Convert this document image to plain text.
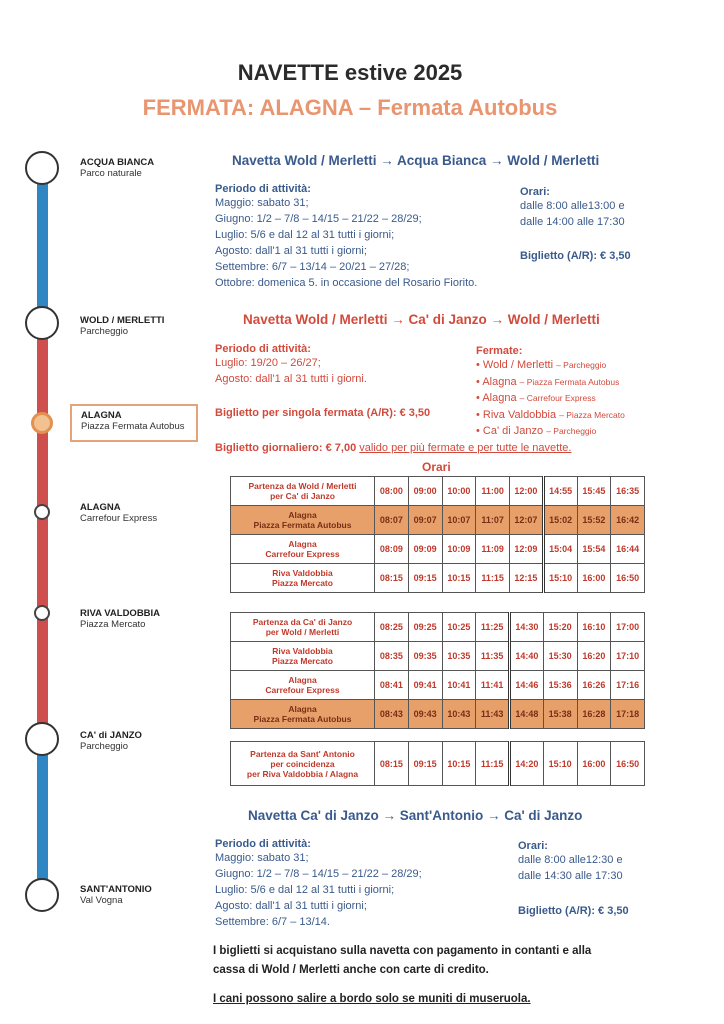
NAVETTE estive 2025
FERMATA: ALAGNA – Fermata Autobus
ACQUA BIANCA
Parco naturale
WOLD / MERLETTI
Parcheggio
ALAGNA
Piazza Fermata Autobus
ALAGNA
Carrefour Express
RIVA VALDOBBIA
Piazza Mercato
CA' di JANZO
Parcheggio
SANT'ANTONIO
Val Vogna
Navetta Wold / Merletti → Acqua Bianca → Wold / Merletti
Periodo di attività:
Maggio: sabato 31;
Giugno: 1/2 – 7/8 – 14/15 – 21/22 – 28/29;
Luglio: 5/6 e dal 12 al 31 tutti i giorni;
Agosto: dall'1 al 31 tutti i giorni;
Settembre: 6/7 – 13/14 – 20/21 – 27/28;
Ottobre: domenica 5. in occasione del Rosario Fiorito.
Orari:
dalle 8:00 alle13:00 e
dalle 14:00 alle 17:30
Biglietto (A/R): € 3,50
Navetta Wold / Merletti → Ca' di Janzo → Wold / Merletti
Periodo di attività:
Luglio: 19/20 – 26/27;
Agosto: dall'1 al 31 tutti i giorni.
Biglietto per singola fermata (A/R): € 3,50
Fermate:
• Wold / Merletti – Parcheggio
• Alagna – Piazza Fermata Autobus
• Alagna – Carrefour Express
• Riva Valdobbia – Piazza Mercato
• Ca' di Janzo – Parcheggio
Biglietto giornaliero: € 7,00 valido per più fermate e per tutte le navette.
Orari
Partenza da Wold / Merletti
per Ca' di Janzo	08:00	09:00	10:00	11:00	12:00	14:55	15:45	16:35

Alagna
Piazza Fermata Autobus	08:07	09:07	10:07	11:07	12:07	15:02	15:52	16:42

Alagna
Carrefour Express	08:09	09:09	10:09	11:09	12:09	15:04	15:54	16:44

Riva Valdobbia
Piazza Mercato	08:15	09:15	10:15	11:15	12:15	15:10	16:00	16:50
Partenza da Ca' di Janzo
per Wold / Merletti	08:25	09:25	10:25	11:25	14:30	15:20	16:10	17:00

Riva Valdobbia
Piazza Mercato	08:35	09:35	10:35	11:35	14:40	15:30	16:20	17:10

Alagna
Carrefour Express	08:41	09:41	10:41	11:41	14:46	15:36	16:26	17:16

Alagna
Piazza Fermata Autobus	08:43	09:43	10:43	11:43	14:48	15:38	16:28	17:18
Partenza da Sant' Antonio
per coincidenza
per Riva Valdobbia / Alagna
	08:15	09:15	10:15	11:15	14:20	15:10	16:00	16:50
Navetta Ca' di Janzo → Sant'Antonio → Ca' di Janzo
Periodo di attività:
Maggio: sabato 31;
Giugno: 1/2 – 7/8 – 14/15 – 21/22 – 28/29;
Luglio: 5/6 e dal 12 al 31 tutti i giorni;
Agosto: dall'1 al 31 tutti i giorni;
Settembre: 6/7 – 13/14.
Orari:
dalle 8:00 alle12:30 e
dalle 14:30 alle 17:30
Biglietto (A/R): € 3,50
I biglietti si acquistano sulla navetta con pagamento in contanti e alla
cassa di Wold / Merletti anche con carte di credito.
I cani possono salire a bordo solo se muniti di museruola.
